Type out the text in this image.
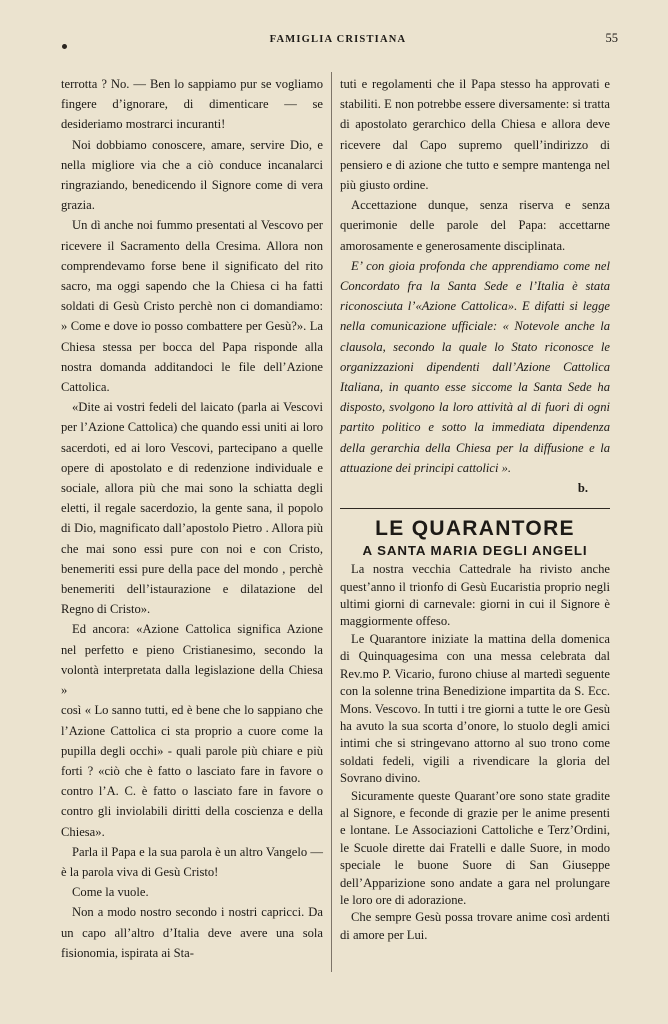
FAMIGLIA CRISTIANA	55

terrotta ? No. — Ben lo sappiamo pur se vogliamo fingere d’ignorare, di dimenticare — se desideriamo mostrarci incuranti!

Noi dobbiamo conoscere, amare, servire Dio, e nella migliore via che a ciò conduce incanalarci ringraziando, benedicendo il Signore come di vera grazia.

Un dì anche noi fummo presentati al Vescovo per ricevere il Sacramento della Cresima. Allora non comprendevamo forse bene il significato del rito sacro, ma oggi sapendo che la Chiesa ci ha fatti soldati di Gesù Cristo perchè non ci domandiamo: » Come e dove io posso combattere per Gesù?». La Chiesa stessa per bocca del Papa risponde alla nostra domanda additandoci le file dell’Azione Cattolica.

«Dite ai vostri fedeli del laicato (parla ai Vescovi per l’Azione Cattolica) che quando essi uniti ai loro sacerdoti, ed ai loro Vescovi, partecipano a quelle opere di apostolato e di redenzione individuale e sociale, allora più che mai sono la schiatta degli eletti, il regale sacerdozio, la gente sana, il popolo di Dio, magnificato dall’apostolo Pietro . Allora più che mai sono essi pure con noi e con Cristo, benemeriti essi pure della pace del mondo , perchè benemeriti dell’istaurazione e dilatazione del Regno di Cristo».

Ed ancora: «Azione Cattolica significa Azione nel perfetto e pieno Cristianesimo, secondo la volontà interpretata dalla legislazione della Chiesa »

così « Lo sanno tutti, ed è bene che lo sappiano che l’Azione Cattolica ci sta proprio a cuore come la pupilla degli occhi» - quali parole più chiare e più forti ? «ciò che è fatto o lasciato fare in favore o contro l’A. C. è fatto o lasciato fare in favore o contro gli inviolabili diritti della coscienza e della Chiesa».

Parla il Papa e la sua parola è un altro Vangelo — è la parola viva di Gesù Cristo!

Come la vuole.

Non a modo nostro secondo i nostri capricci. Da un capo all’altro d’Italia deve avere una sola fisionomia, ispirata ai Sta-

tuti e regolamenti che il Papa stesso ha approvati e stabiliti. E non potrebbe essere diversamente: si tratta di apostolato gerarchico della Chiesa e allora deve ricevere dal Capo supremo quell’indirizzo di pensiero e di azione che tutto e sempre mantenga nel più giusto ordine.

Accettazione dunque, senza riserva e senza querimonie delle parole del Papa: accettarne amorosamente e generosamente disciplinata.

E’ con gioia profonda che apprendiamo come nel Concordato fra la Santa Sede e l’Italia è stata riconosciuta l’«Azione Cattolica». E difatti si legge nella comunicazione ufficiale: « Notevole anche la clausola, secondo la quale lo Stato riconosce le organizzazioni dipendenti dall’Azione Cattolica Italiana, in quanto esse siccome la Santa Sede ha disposto, svolgono la loro attività al di fuori di ogni partito politico e sotto la immediata dipendenza della gerarchia della Chiesa per la diffusione e la attuazione dei principi cattolici ».

b.

LE QUARANTORE
A SANTA MARIA DEGLI ANGELI

La nostra vecchia Cattedrale ha rivisto anche quest’anno il trionfo di Gesù Eucaristia proprio negli ultimi giorni di carnevale: giorni in cui il Signore è maggiormente offeso.

Le Quarantore iniziate la mattina della domenica di Quinquagesima con una messa celebrata dal Rev.mo P. Vicario, furono chiuse al martedì seguente con la solenne trina Benedizione impartita da S. Ecc. Mons. Vescovo. In tutti i tre giorni a tutte le ore Gesù ha avuto la sua scorta d’onore, lo stuolo degli amici intimi che si stringevano attorno al suo trono come soldati fedeli, vigili a rivendicare la gloria del Sovrano divino.

Sicuramente queste Quarant’ore sono state gradite al Signore, e feconde di grazie per le anime presenti e lontane. Le Associazioni Cattoliche e Terz’Ordini, le Scuole dirette dai Fratelli e dalle Suore, in modo speciale le buone Suore di San Giuseppe dell’Apparizione sono andate a gara nel prolungare le loro ore di adorazione.

Che sempre Gesù possa trovare anime così ardenti di amore per Lui.
